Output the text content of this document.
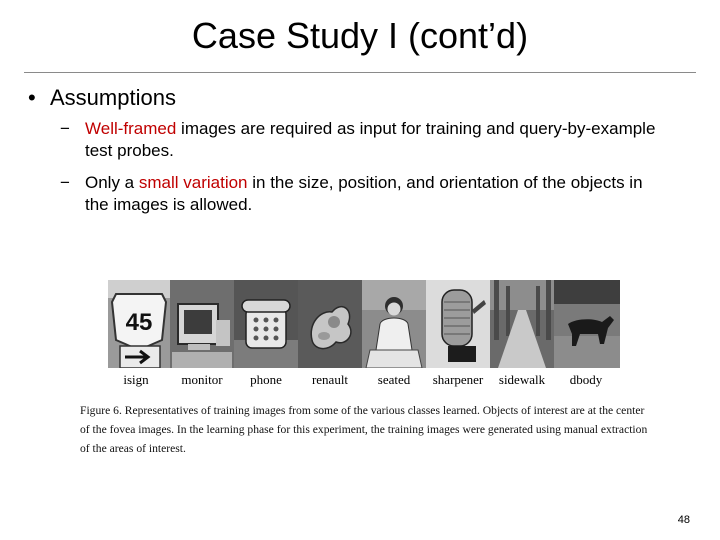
Case Study I (cont’d)
• Assumptions
− Well-framed images are required as input for training and query-by-example test probes.
− Only a small variation in the size, position, and orientation of the objects in the images is allowed.
45
isign	monitor phone renault seated sharpener sidewalk dbody
Figure 6. Representatives of training images from some of the various classes learned. Objects of interest are at the center of the fovea images. In the learning phase for this experiment, the training images were generated using manual extraction of the areas of interest.
48
